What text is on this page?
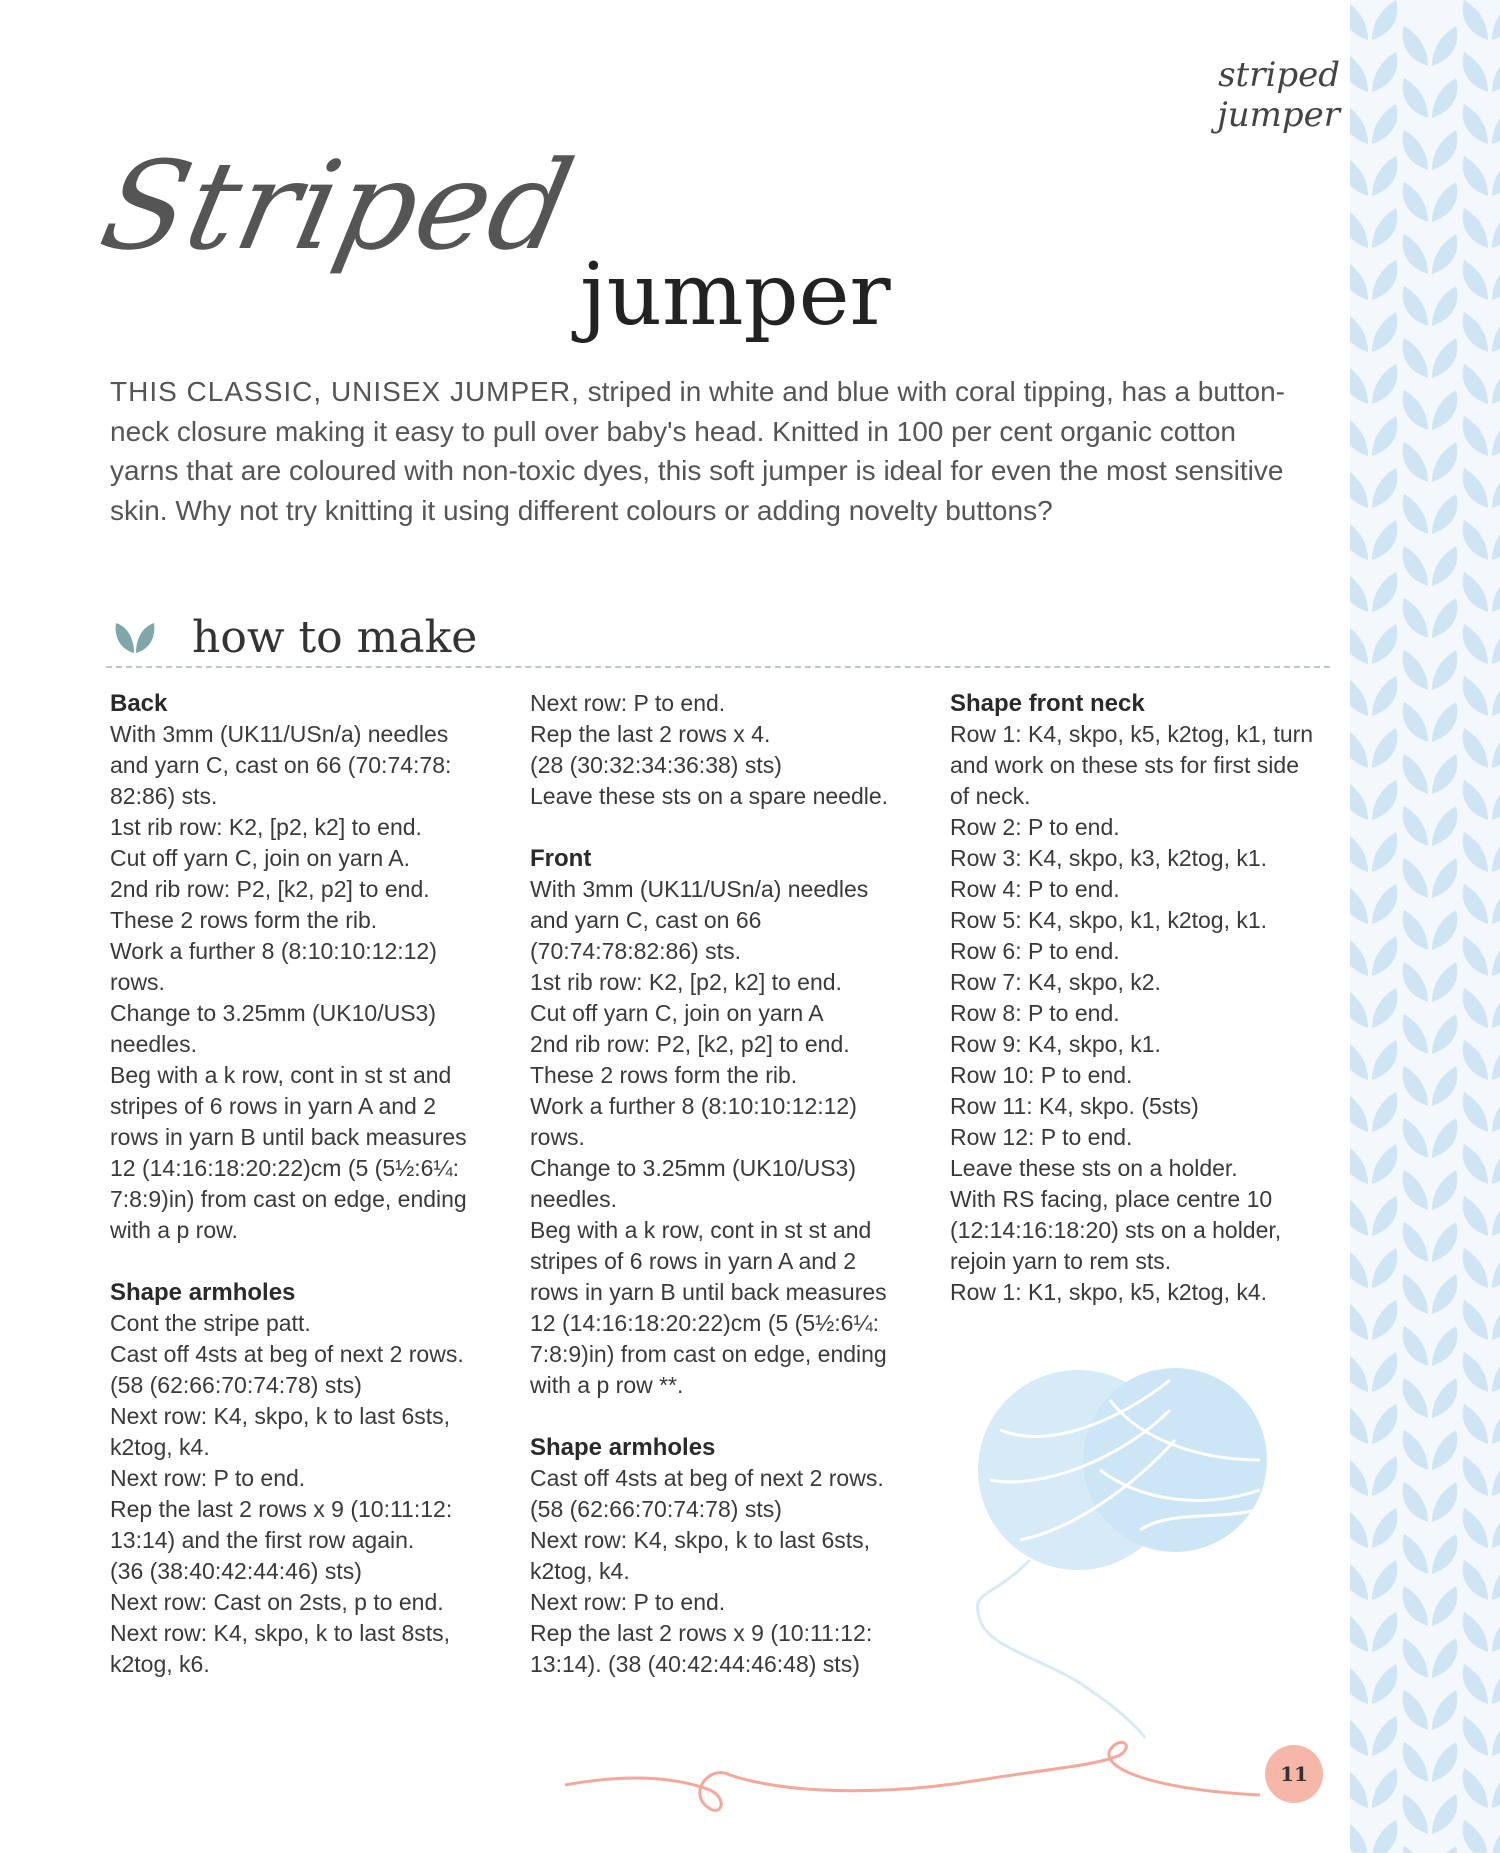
striped jumper
Striped
jumper
THIS CLASSIC, UNISEX JUMPER, striped in white and blue with coral tipping, has a button-neck closure making it easy to pull over baby's head. Knitted in 100 per cent organic cotton yarns that are coloured with non-toxic dyes, this soft jumper is ideal for even the most sensitive skin. Why not try knitting it using different colours or adding novelty buttons?
how to make
Back

With 3mm (UK11/USn/a) needles

and yarn C, cast on 66 (70:74:78:

82:86) sts.

1st rib row: K2, [p2, k2] to end.

Cut off yarn C, join on yarn A.

2nd rib row: P2, [k2, p2] to end.

These 2 rows form the rib.

Work a further 8 (8:10:10:12:12)

rows.

Change to 3.25mm (UK10/US3)

needles.

Beg with a k row, cont in st st and

stripes of 6 rows in yarn A and 2

rows in yarn B until back measures

12 (14:16:18:20:22)cm (5 (5½:6¼:

7:8:9)in) from cast on edge, ending

with a p row.

Shape armholes

Cont the stripe patt.

Cast off 4sts at beg of next 2 rows.

(58 (62:66:70:74:78) sts)

Next row: K4, skpo, k to last 6sts,

k2tog, k4.

Next row: P to end.

Rep the last 2 rows x 9 (10:11:12:

13:14) and the first row again.

(36 (38:40:42:44:46) sts)

Next row: Cast on 2sts, p to end.

Next row: K4, skpo, k to last 8sts,

k2tog, k6.

Next row: P to end.

Rep the last 2 rows x 4.

(28 (30:32:34:36:38) sts)

Leave these sts on a spare needle.

Front

With 3mm (UK11/USn/a) needles

and yarn C, cast on 66

(70:74:78:82:86) sts.

1st rib row: K2, [p2, k2] to end.

Cut off yarn C, join on yarn A

2nd rib row: P2, [k2, p2] to end.

These 2 rows form the rib.

Work a further 8 (8:10:10:12:12) rows.

Change to 3.25mm (UK10/US3)

needles.

Beg with a k row, cont in st st and

stripes of 6 rows in yarn A and 2

rows in yarn B until back measures

12 (14:16:18:20:22)cm (5 (5½:6¼:

7:8:9)in) from cast on edge, ending

with a p row **.

Shape armholes

Cast off 4sts at beg of next 2 rows.

(58 (62:66:70:74:78) sts)

Next row: K4, skpo, k to last 6sts,

k2tog, k4.

Next row: P to end.

Rep the last 2 rows x 9 (10:11:12:

13:14). (38 (40:42:44:46:48) sts)

Shape front neck

Row 1: K4, skpo, k5, k2tog, k1, turn

and work on these sts for first side

of neck.

Row 2: P to end.

Row 3: K4, skpo, k3, k2tog, k1.

Row 4: P to end.

Row 5: K4, skpo, k1, k2tog, k1.

Row 6: P to end.

Row 7: K4, skpo, k2.

Row 8: P to end.

Row 9: K4, skpo, k1.

Row 10: P to end.

Row 11: K4, skpo. (5sts)

Row 12: P to end.

Leave these sts on a holder.

With RS facing, place centre 10

(12:14:16:18:20) sts on a holder,

rejoin yarn to rem sts.

Row 1: K1, skpo, k5, k2tog, k4.

11
